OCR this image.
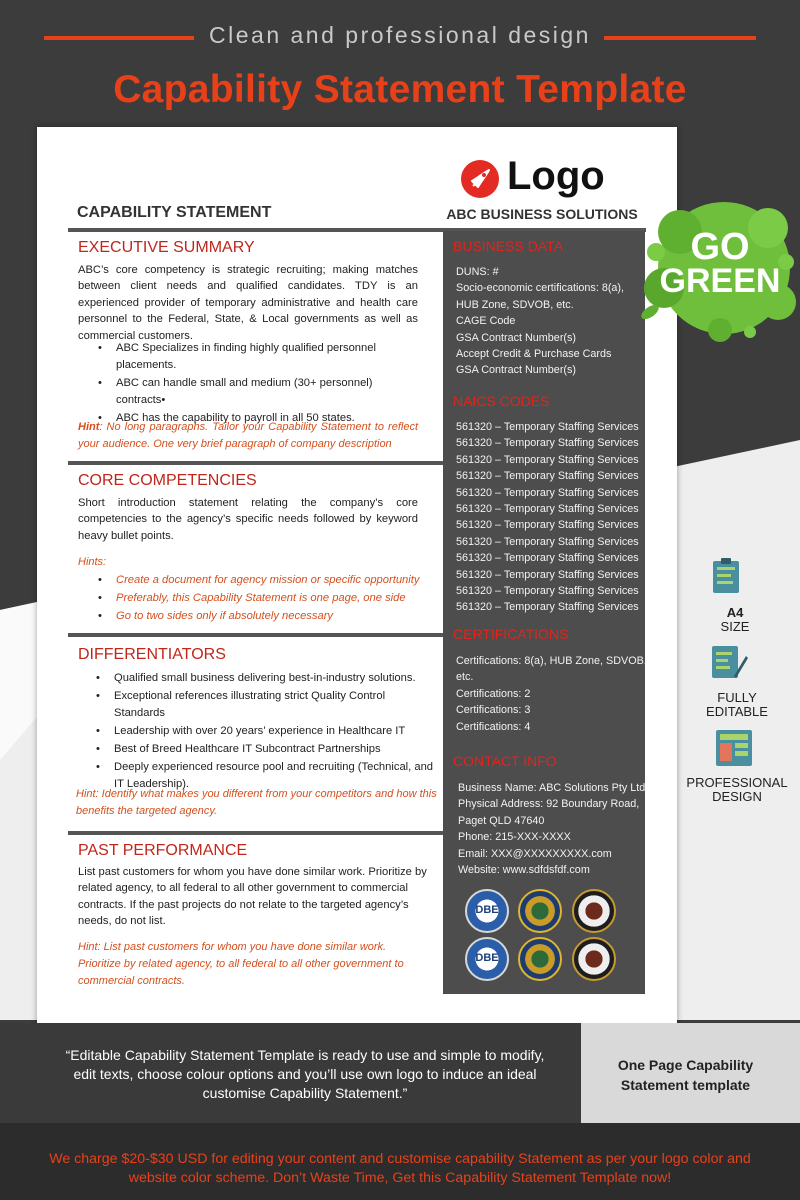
Clean and professional design
Capability Statement Template
Logo
ABC BUSINESS SOLUTIONS
CAPABILITY STATEMENT
EXECUTIVE SUMMARY
ABC’s core competency is strategic recruiting; making matches between client needs and qualified candidates. TDY is an experienced provider of temporary administrative and health care personnel to the Federal, State, & Local governments as well as commercial customers.
• ABC Specializes in finding highly qualified personnel placements.
• ABC can handle small and medium (30+ personnel) contracts•
• ABC has the capability to payroll in all 50 states.
Hint: No long paragraphs. Tailor your Capability Statement to reflect your audience. One very brief paragraph of company description
CORE COMPETENCIES
Short introduction statement relating the company’s core competencies to the agency’s specific needs followed by keyword heavy bullet points.
Hints:
• Create a document for agency mission or specific opportunity
• Preferably, this Capability Statement is one page, one side
• Go to two sides only if absolutely necessary
DIFFERENTIATORS
• Qualified small business delivering best-in-industry solutions.
• Exceptional references illustrating strict Quality Control Standards
• Leadership with over 20 years’ experience in Healthcare IT
• Best of Breed Healthcare IT Subcontract Partnerships
• Deeply experienced resource pool and recruiting (Technical, and IT Leadership).
Hint: Identify what makes you different from your competitors and how this benefits the targeted agency.
PAST PERFORMANCE
List past customers for whom you have done similar work. Prioritize by related agency, to all federal to all other government to commercial contracts. If the past projects do not relate to the targeted agency’s needs, do not list.
Hint: List past customers for whom you have done similar work. Prioritize by related agency, to all federal to all other government to commercial contracts.
BUSINESS DATA
DUNS: #
Socio-economic certifications: 8(a),
HUB Zone, SDVOB, etc.
CAGE Code
GSA Contract Number(s)
Accept Credit & Purchase Cards
GSA Contract Number(s)
NAICS CODES
561320 – Temporary Staffing Services
561320 – Temporary Staffing Services
561320 – Temporary Staffing Services
561320 – Temporary Staffing Services
561320 – Temporary Staffing Services
561320 – Temporary Staffing Services
561320 – Temporary Staffing Services
561320 – Temporary Staffing Services
561320 – Temporary Staffing Services
561320 – Temporary Staffing Services
561320 – Temporary Staffing Services
561320 – Temporary Staffing Services
CERTIFICATIONS
Certifications: 8(a), HUB Zone, SDVOB,
etc.
Certifications: 2
Certifications: 3
Certifications: 4
CONTACT INFO
Business Name: ABC Solutions Pty Ltd
Physical Address: 92 Boundary Road,
Paget QLD 47640
Phone: 215-XXX-XXXX
Email: XXX@XXXXXXXXX.com
Website: www.sdfdsfdf.com
DBE
DBE
GO
GREEN
A4
SIZE
FULLY
EDITABLE
PROFESSIONAL
DESIGN
“Editable Capability Statement Template is ready to use and simple to modify, edit texts, choose colour options and you’ll use own logo to induce an ideal customise Capability Statement.”
One Page Capability Statement template
We charge $20-$30 USD for editing your content and customise capability Statement as per your logo color and website color scheme. Don’t Waste Time, Get this Capability Statement Template now!
